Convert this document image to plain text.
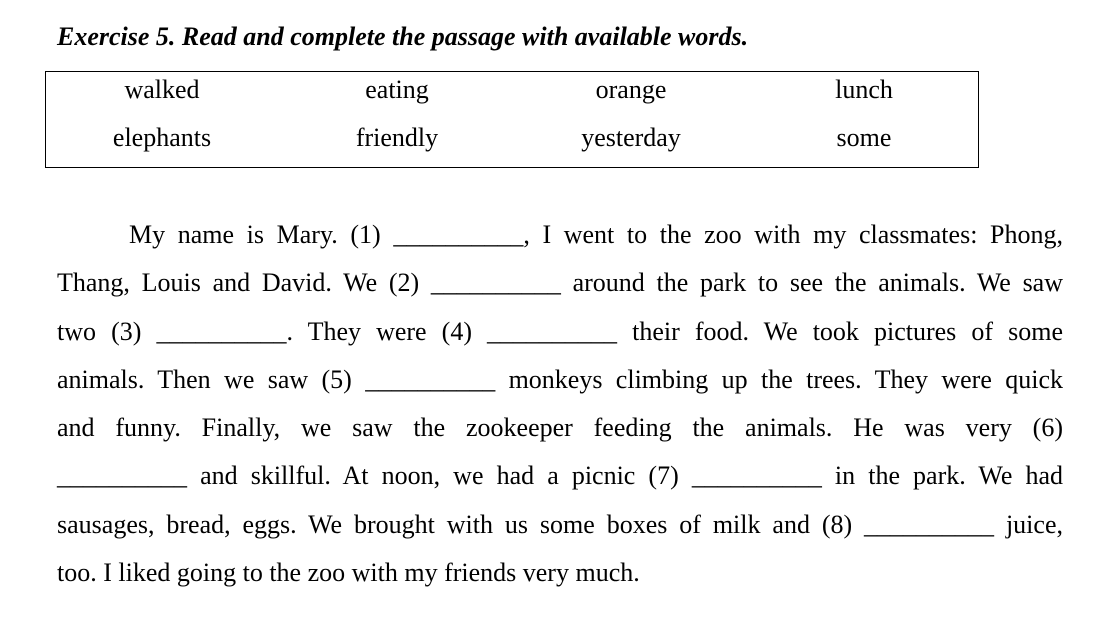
Exercise 5. Read and complete the passage with available words.
walked	eating	orange	lunch
elephants	friendly	yesterday	some
My name is Mary. (1) __________, I went to the zoo with my classmates: Phong,
Thang, Louis and David. We (2) __________ around the park to see the animals. We saw
two (3) __________. They were (4) __________ their food. We took pictures of some
animals. Then we saw (5) __________ monkeys climbing up the trees. They were quick
and funny. Finally, we saw the zookeeper feeding the animals. He was very (6)
__________ and skillful. At noon, we had a picnic (7) __________ in the park. We had
sausages, bread, eggs. We brought with us some boxes of milk and (8) __________ juice,
too. I liked going to the zoo with my friends very much.
